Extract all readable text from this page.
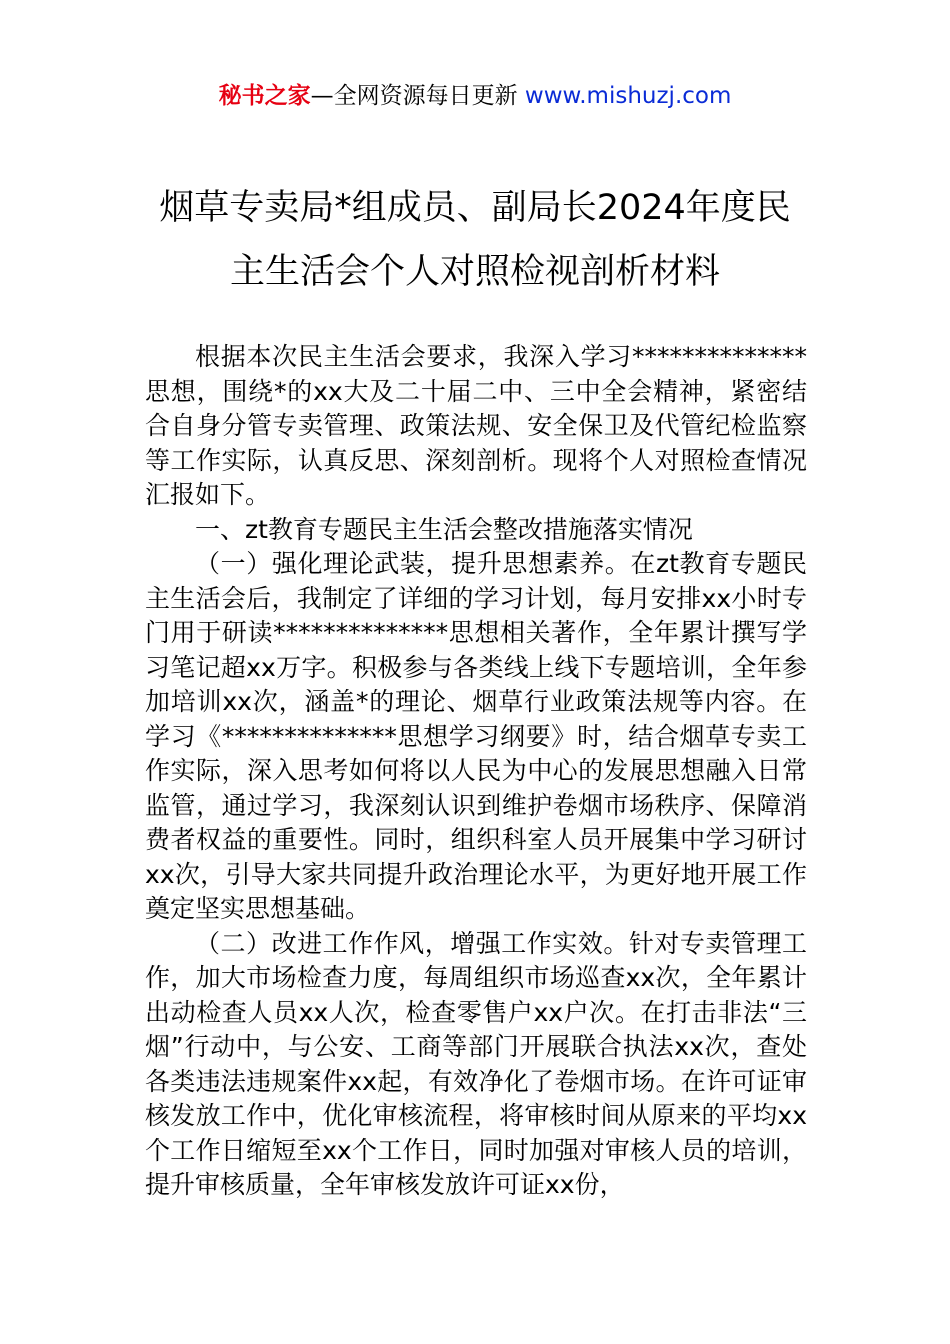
秘书之家—全网资源每日更新 www.mishuzj.com
烟草专卖局*组成员、副局长2024年度民
主生活会个人对照检视剖析材料

根据本次民主生活会要求，我深入学习**************思想，围绕*的xx大及二十届二中、三中全会精神，紧密结合自身分管专卖管理、政策法规、安全保卫及代管纪检监察等工作实际，认真反思、深刻剖析。现将个人对照检查情况汇报如下。

一、zt教育专题民主生活会整改措施落实情况

（一）强化理论武装，提升思想素养。在zt教育专题民主生活会后，我制定了详细的学习计划，每月安排xx小时专门用于研读**************思想相关著作，全年累计撰写学习笔记超xx万字。积极参与各类线上线下专题培训，全年参加培训xx次，涵盖*的理论、烟草行业政策法规等内容。在学习《**************思想学习纲要》时，结合烟草专卖工作实际，深入思考如何将以人民为中心的发展思想融入日常监管，通过学习，我深刻认识到维护卷烟市场秩序、保障消费者权益的重要性。同时，组织科室人员开展集中学习研讨xx次，引导大家共同提升政治理论水平，为更好地开展工作奠定坚实思想基础。

（二）改进工作作风，增强工作实效。针对专卖管理工作，加大市场检查力度，每周组织市场巡查xx次，全年累计出动检查人员xx人次，检查零售户xx户次。在打击非法“三烟”行动中，与公安、工商等部门开展联合执法xx次，查处各类违法违规案件xx起，有效净化了卷烟市场。在许可证审核发放工作中，优化审核流程，将审核时间从原来的平均xx个工作日缩短至xx个工作日，同时加强对审核人员的培训，提升审核质量，全年审核发放许可证xx份，
